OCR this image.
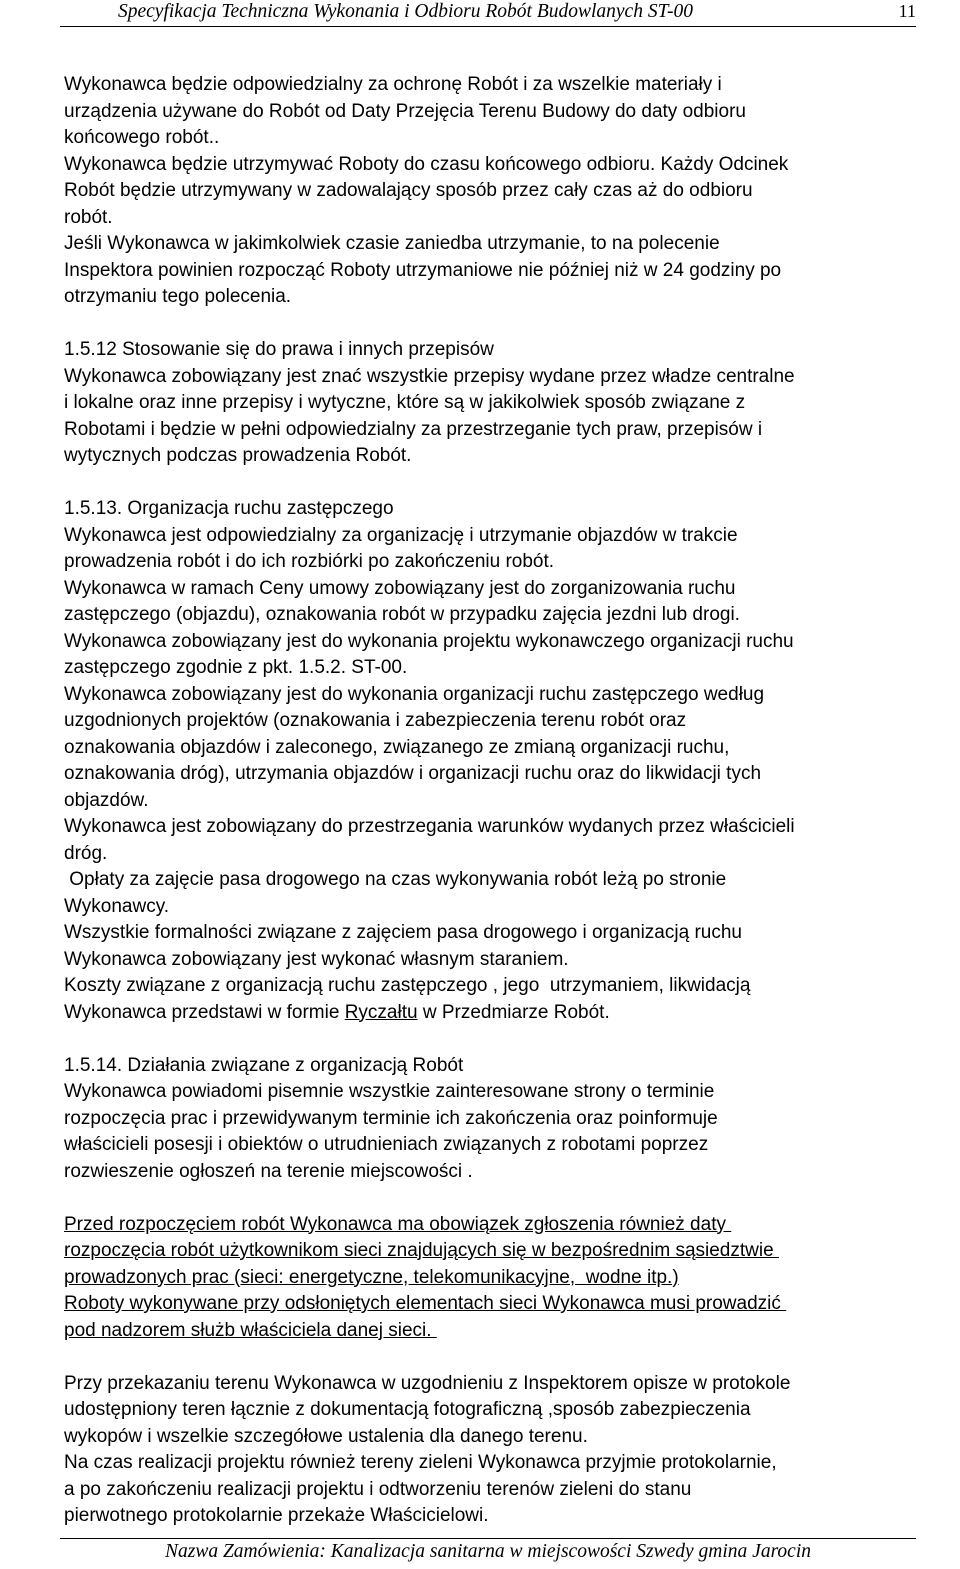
Specyfikacja Techniczna Wykonania i Odbioru Robót Budowlanych ST-00	11

Wykonawca będzie odpowiedzialny za ochronę Robót i za wszelkie materiały i

urządzenia używane do Robót od Daty Przejęcia Terenu Budowy do daty odbioru

końcowego robót..

Wykonawca będzie utrzymywać Roboty do czasu końcowego odbioru. Każdy Odcinek

Robót będzie utrzymywany w zadowalający sposób przez cały czas aż do odbioru

robót.

Jeśli Wykonawca w jakimkolwiek czasie zaniedba utrzymanie, to na polecenie

Inspektora powinien rozpocząć Roboty utrzymaniowe nie później niż w 24 godziny po

otrzymaniu tego polecenia.

1.5.12 Stosowanie się do prawa i innych przepisów

Wykonawca zobowiązany jest znać wszystkie przepisy wydane przez władze centralne

i lokalne oraz inne przepisy i wytyczne, które są w jakikolwiek sposób związane z

Robotami i będzie w pełni odpowiedzialny za przestrzeganie tych praw, przepisów i

wytycznych podczas prowadzenia Robót.

1.5.13. Organizacja ruchu zastępczego

Wykonawca jest odpowiedzialny za organizację i utrzymanie objazdów w trakcie

prowadzenia robót i do ich rozbiórki po zakończeniu robót.

Wykonawca w ramach Ceny umowy zobowiązany jest do zorganizowania ruchu

zastępczego (objazdu), oznakowania robót w przypadku zajęcia jezdni lub drogi.

Wykonawca zobowiązany jest do wykonania projektu wykonawczego organizacji ruchu

zastępczego zgodnie z pkt. 1.5.2. ST-00.

Wykonawca zobowiązany jest do wykonania organizacji ruchu zastępczego według

uzgodnionych projektów (oznakowania i zabezpieczenia terenu robót oraz

oznakowania objazdów i zaleconego, związanego ze zmianą organizacji ruchu,

oznakowania dróg), utrzymania objazdów i organizacji ruchu oraz do likwidacji tych

objazdów.

Wykonawca jest zobowiązany do przestrzegania warunków wydanych przez właścicieli

dróg.

Opłaty za zajęcie pasa drogowego na czas wykonywania robót leżą po stronie

Wykonawcy.

Wszystkie formalności związane z zajęciem pasa drogowego i organizacją ruchu

Wykonawca zobowiązany jest wykonać własnym staraniem.

Koszty związane z organizacją ruchu zastępczego , jego  utrzymaniem, likwidacją

Wykonawca przedstawi w formie Ryczałtu w Przedmiarze Robót.

1.5.14. Działania związane z organizacją Robót

Wykonawca powiadomi pisemnie wszystkie zainteresowane strony o terminie

rozpoczęcia prac i przewidywanym terminie ich zakończenia oraz poinformuje

właścicieli posesji i obiektów o utrudnieniach związanych z robotami poprzez

rozwieszenie ogłoszeń na terenie miejscowości .

Przed rozpoczęciem robót Wykonawca ma obowiązek zgłoszenia również daty

rozpoczęcia robót użytkownikom sieci znajdujących się w bezpośrednim sąsiedztwie

prowadzonych prac (sieci: energetyczne, telekomunikacyjne,  wodne itp.)

Roboty wykonywane przy odsłoniętych elementach sieci Wykonawca musi prowadzić

pod nadzorem służb właściciela danej sieci.

Przy przekazaniu terenu Wykonawca w uzgodnieniu z Inspektorem opisze w protokole

udostępniony teren łącznie z dokumentacją fotograficzną ,sposób zabezpieczenia

wykopów i wszelkie szczegółowe ustalenia dla danego terenu.

Na czas realizacji projektu również tereny zieleni Wykonawca przyjmie protokolarnie,

a po zakończeniu realizacji projektu i odtworzeniu terenów zieleni do stanu

pierwotnego protokolarnie przekaże Właścicielowi.

Nazwa Zamówienia: Kanalizacja sanitarna w miejscowości Szwedy gmina Jarocin
